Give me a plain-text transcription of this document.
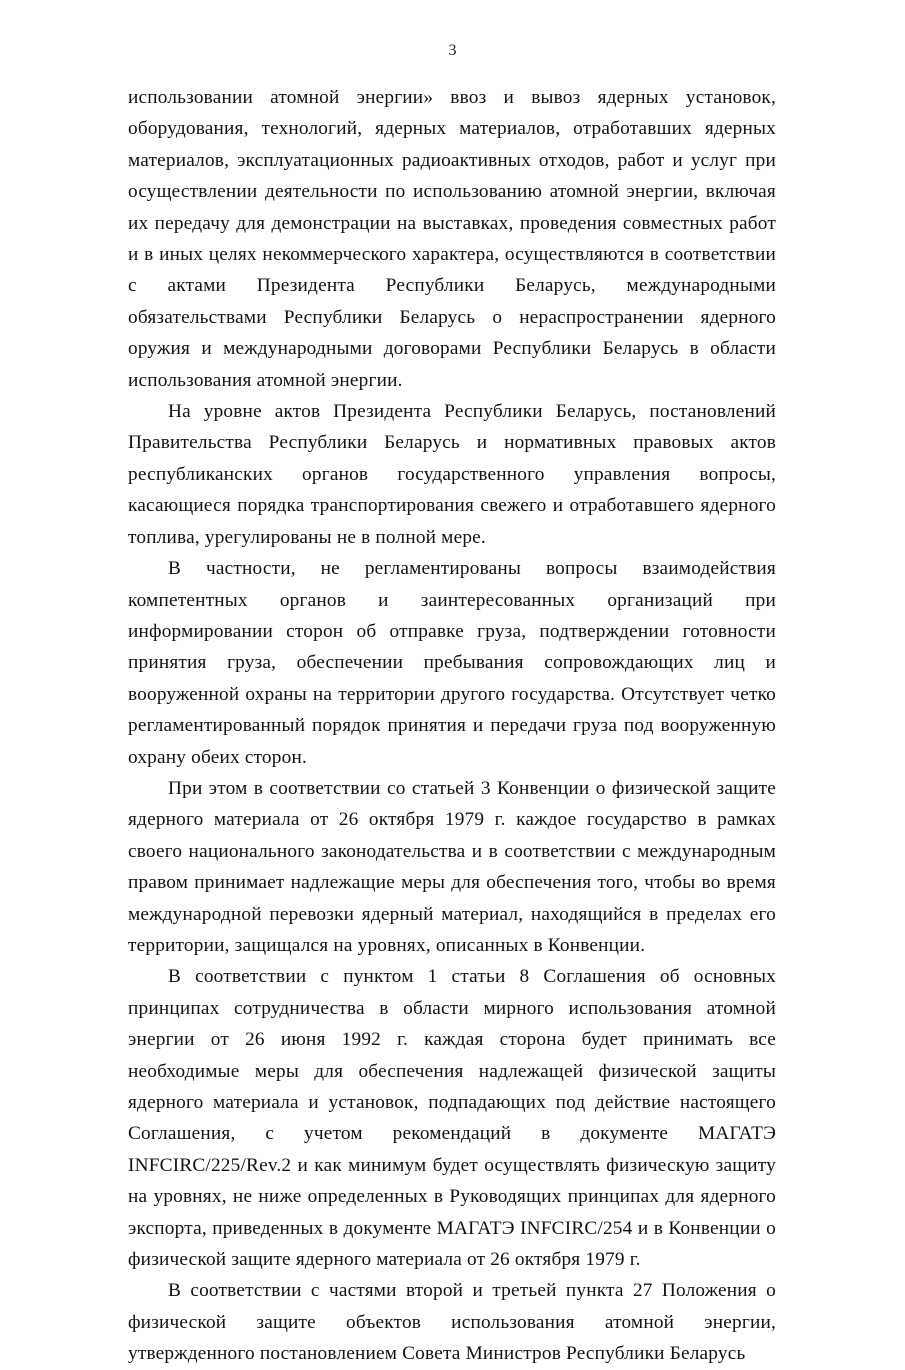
3

использовании атомной энергии» ввоз и вывоз ядерных установок, оборудования, технологий, ядерных материалов, отработавших ядерных материалов, эксплуатационных радиоактивных отходов, работ и услуг при осуществлении деятельности по использованию атомной энергии, включая их передачу для демонстрации на выставках, проведения совместных работ и в иных целях некоммерческого характера, осуществляются в соответствии с актами Президента Республики Беларусь, международными обязательствами Республики Беларусь о нераспространении ядерного оружия и международными договорами Республики Беларусь в области использования атомной энергии.

На уровне актов Президента Республики Беларусь, постановлений Правительства Республики Беларусь и нормативных правовых актов республиканских органов государственного управления вопросы, касающиеся порядка транспортирования свежего и отработавшего ядерного топлива, урегулированы не в полной мере.

В частности, не регламентированы вопросы взаимодействия компетентных органов и заинтересованных организаций при информировании сторон об отправке груза, подтверждении готовности принятия груза, обеспечении пребывания сопровождающих лиц и вооруженной охраны на территории другого государства. Отсутствует четко регламентированный порядок принятия и передачи груза под вооруженную охрану обеих сторон.

При этом в соответствии со статьей 3 Конвенции о физической защите ядерного материала от 26 октября 1979 г. каждое государство в рамках своего национального законодательства и в соответствии с международным правом принимает надлежащие меры для обеспечения того, чтобы во время международной перевозки ядерный материал, находящийся в пределах его территории, защищался на уровнях, описанных в Конвенции.

В соответствии с пунктом 1 статьи 8 Соглашения об основных принципах сотрудничества в области мирного использования атомной энергии от 26 июня 1992 г. каждая сторона будет принимать все необходимые меры для обеспечения надлежащей физической защиты ядерного материала и установок, подпадающих под действие настоящего Соглашения, с учетом рекомендаций в документе МАГАТЭ INFCIRC/225/Rev.2 и как минимум будет осуществлять физическую защиту на уровнях, не ниже определенных в Руководящих принципах для ядерного экспорта, приведенных в документе МАГАТЭ INFCIRC/254 и в Конвенции о физической защите ядерного материала от 26 октября 1979 г.

В соответствии с частями второй и третьей пункта 27 Положения о физической защите объектов использования атомной энергии, утвержденного постановлением Совета Министров Республики Беларусь
